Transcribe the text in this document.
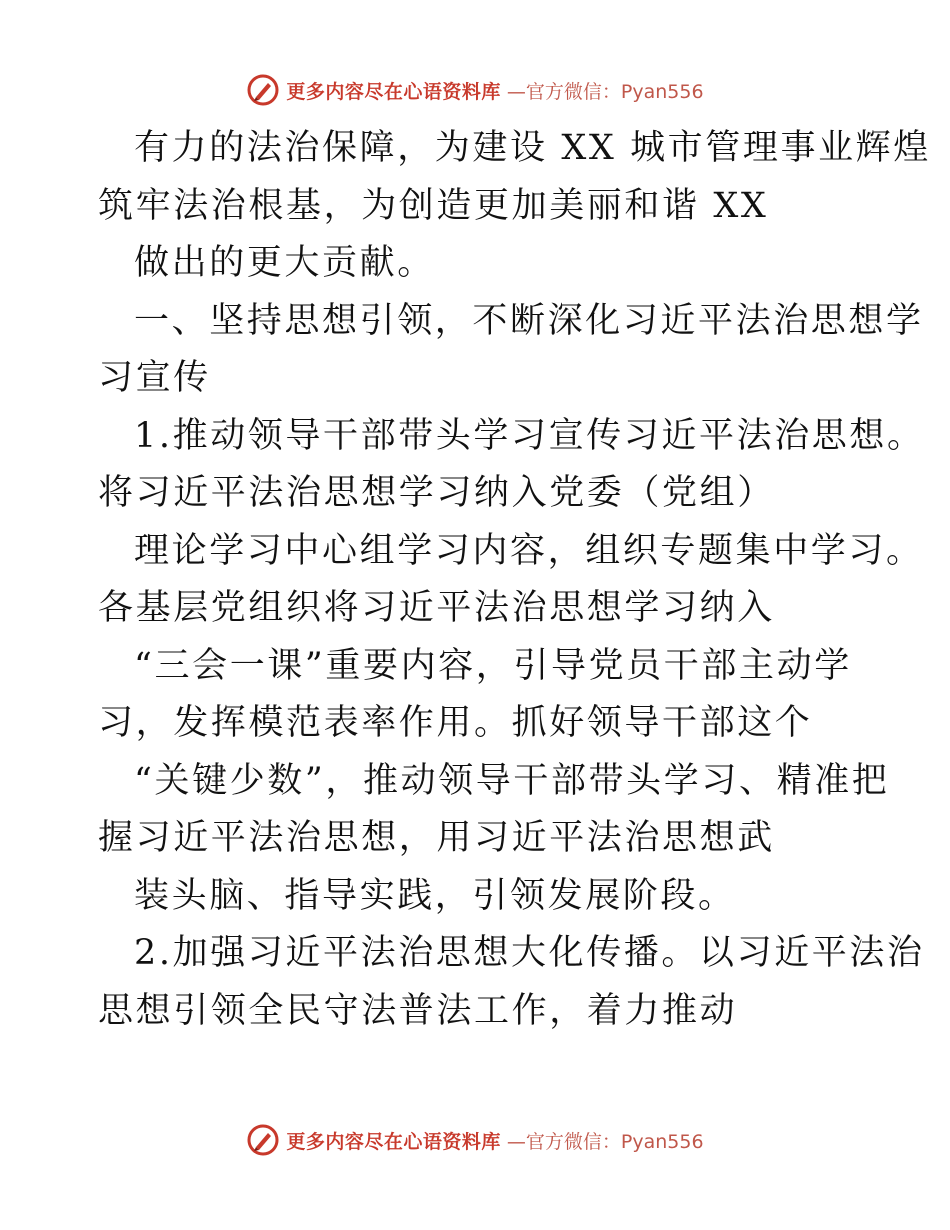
更多内容尽在心语资料库 —官方微信：Pyan556
有力的法治保障，为建设 XX 城市管理事业辉煌
筑牢法治根基，为创造更加美丽和谐 XX
做出的更大贡献。
一、坚持思想引领，不断深化习近平法治思想学
习宣传
1.推动领导干部带头学习宣传习近平法治思想。
将习近平法治思想学习纳入党委（党组）
理论学习中心组学习内容，组织专题集中学习。
各基层党组织将习近平法治思想学习纳入
“三会一课”重要内容，引导党员干部主动学
习，发挥模范表率作用。抓好领导干部这个
“关键少数”，推动领导干部带头学习、精准把
握习近平法治思想，用习近平法治思想武
装头脑、指导实践，引领发展阶段。
2.加强习近平法治思想大化传播。以习近平法治
思想引领全民守法普法工作，着力推动
更多内容尽在心语资料库 —官方微信：Pyan556
